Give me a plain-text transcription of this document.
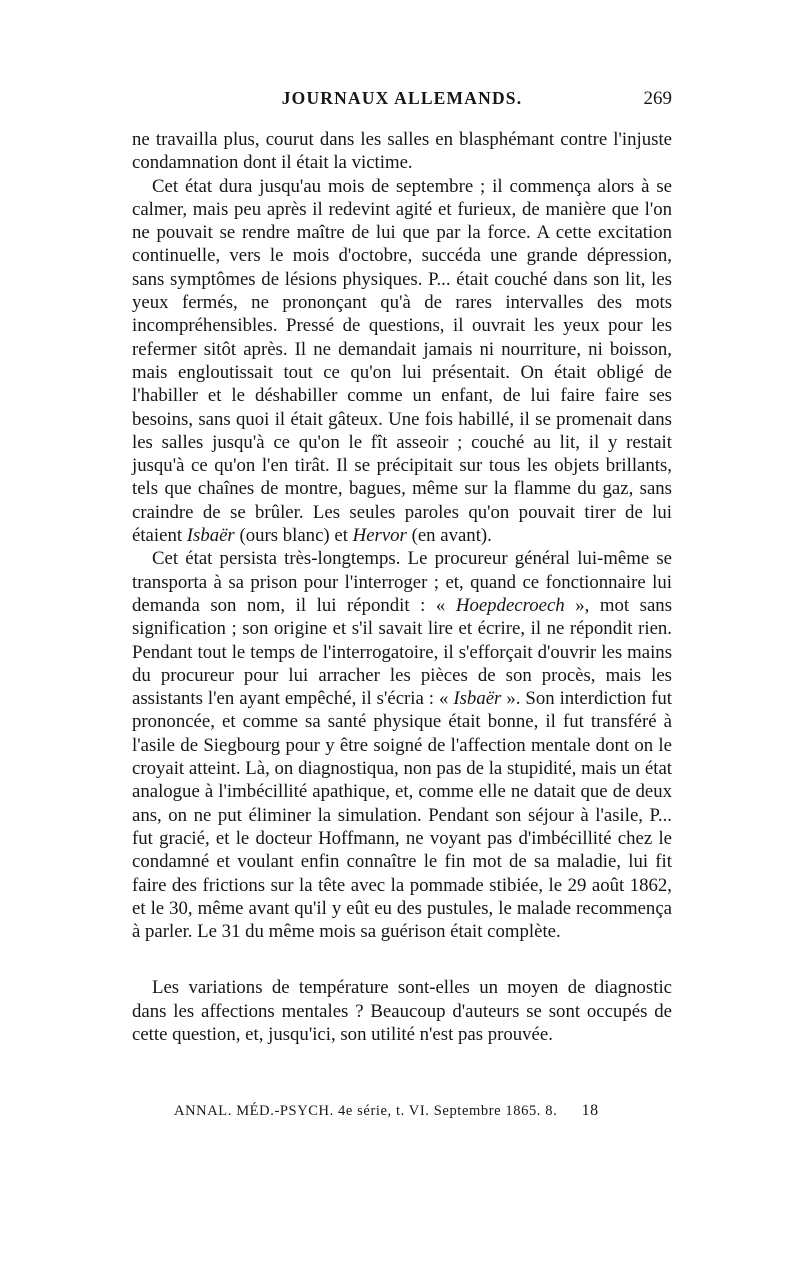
JOURNAUX ALLEMANDS.	269

ne travailla plus, courut dans les salles en blasphémant contre l'injuste condamnation dont il était la victime.

Cet état dura jusqu'au mois de septembre ; il commença alors à se calmer, mais peu après il redevint agité et furieux, de manière que l'on ne pouvait se rendre maître de lui que par la force. A cette excitation continuelle, vers le mois d'octobre, succéda une grande dépression, sans symptômes de lésions physiques. P... était couché dans son lit, les yeux fermés, ne prononçant qu'à de rares intervalles des mots incompréhensibles. Pressé de questions, il ouvrait les yeux pour les refermer sitôt après. Il ne demandait jamais ni nourriture, ni boisson, mais engloutissait tout ce qu'on lui présentait. On était obligé de l'habiller et le déshabiller comme un enfant, de lui faire faire ses besoins, sans quoi il était gâteux. Une fois habillé, il se promenait dans les salles jusqu'à ce qu'on le fît asseoir ; couché au lit, il y restait jusqu'à ce qu'on l'en tirât. Il se précipitait sur tous les objets brillants, tels que chaînes de montre, bagues, même sur la flamme du gaz, sans craindre de se brûler. Les seules paroles qu'on pouvait tirer de lui étaient Isbaër (ours blanc) et Hervor (en avant).

Cet état persista très-longtemps. Le procureur général lui-même se transporta à sa prison pour l'interroger ; et, quand ce fonctionnaire lui demanda son nom, il lui répondit : « Hoepdecroech », mot sans signification ; son origine et s'il savait lire et écrire, il ne répondit rien. Pendant tout le temps de l'interrogatoire, il s'efforçait d'ouvrir les mains du procureur pour lui arracher les pièces de son procès, mais les assistants l'en ayant empêché, il s'écria : « Isbaër ». Son interdiction fut prononcée, et comme sa santé physique était bonne, il fut transféré à l'asile de Siegbourg pour y être soigné de l'affection mentale dont on le croyait atteint. Là, on diagnostiqua, non pas de la stupidité, mais un état analogue à l'imbécillité apathique, et, comme elle ne datait que de deux ans, on ne put éliminer la simulation. Pendant son séjour à l'asile, P... fut gracié, et le docteur Hoffmann, ne voyant pas d'imbécillité chez le condamné et voulant enfin connaître le fin mot de sa maladie, lui fit faire des frictions sur la tête avec la pommade stibiée, le 29 août 1862, et le 30, même avant qu'il y eût eu des pustules, le malade recommença à parler. Le 31 du même mois sa guérison était complète.

Les variations de température sont-elles un moyen de diagnostic dans les affections mentales ? Beaucoup d'auteurs se sont occupés de cette question, et, jusqu'ici, son utilité n'est pas prouvée.

ANNAL. MÉD.-PSYCH. 4e série, t. VI. Septembre 1865. 8. 18
